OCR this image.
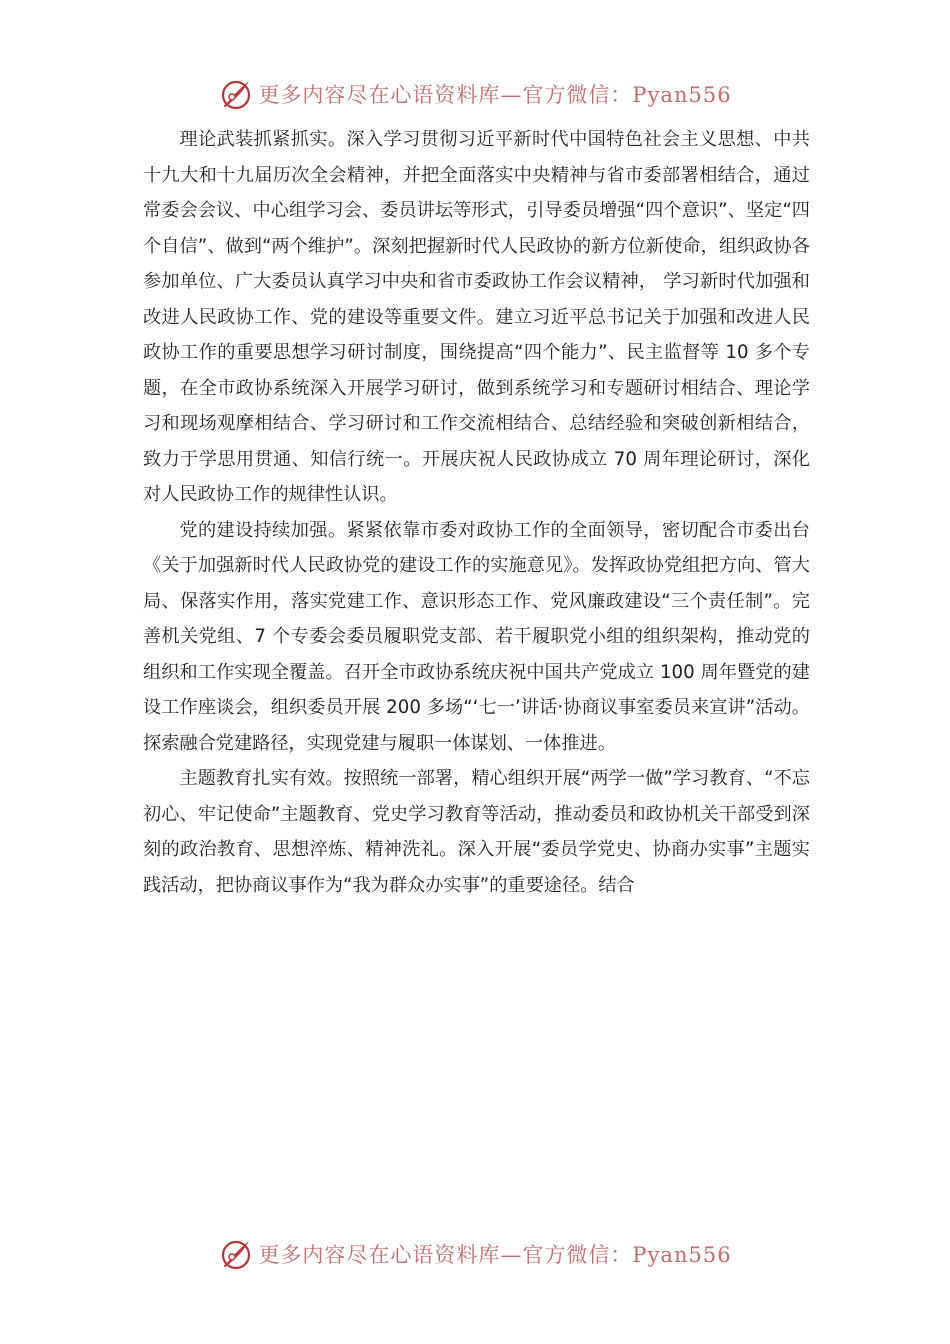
更多内容尽在心语资料库—官方微信：Pyan556

理论武装抓紧抓实。深入学习贯彻习近平新时代中国特色社会主义思想、中共十九大和十九届历次全会精神，并把全面落实中央精神与省市委部署相结合，通过常委会会议、中心组学习会、委员讲坛等形式，引导委员增强“四个意识”、坚定“四个自信”、做到“两个维护”。深刻把握新时代人民政协的新方位新使命，组织政协各参加单位、广大委员认真学习中央和省市委政协工作会议精神， 学习新时代加强和改进人民政协工作、党的建设等重要文件。建立习近平总书记关于加强和改进人民政协工作的重要思想学习研讨制度，围绕提高“四个能力”、民主监督等 10 多个专题，在全市政协系统深入开展学习研讨，做到系统学习和专题研讨相结合、理论学习和现场观摩相结合、学习研讨和工作交流相结合、总结经验和突破创新相结合，致力于学思用贯通、知信行统一。开展庆祝人民政协成立 70 周年理论研讨，深化对人民政协工作的规律性认识。

党的建设持续加强。紧紧依靠市委对政协工作的全面领导，密切配合市委出台《关于加强新时代人民政协党的建设工作的实施意见》。发挥政协党组把方向、管大局、保落实作用，落实党建工作、意识形态工作、党风廉政建设“三个责任制”。完善机关党组、7 个专委会委员履职党支部、若干履职党小组的组织架构，推动党的组织和工作实现全覆盖。召开全市政协系统庆祝中国共产党成立 100 周年暨党的建设工作座谈会，组织委员开展 200 多场“‘七一’讲话·协商议事室委员来宣讲”活动。探索融合党建路径，实现党建与履职一体谋划、一体推进。

主题教育扎实有效。按照统一部署，精心组织开展“两学一做”学习教育、“不忘初心、牢记使命”主题教育、党史学习教育等活动，推动委员和政协机关干部受到深刻的政治教育、思想淬炼、精神洗礼。深入开展“委员学党史、协商办实事”主题实践活动，把协商议事作为“我为群众办实事”的重要途径。结合

更多内容尽在心语资料库—官方微信：Pyan556
